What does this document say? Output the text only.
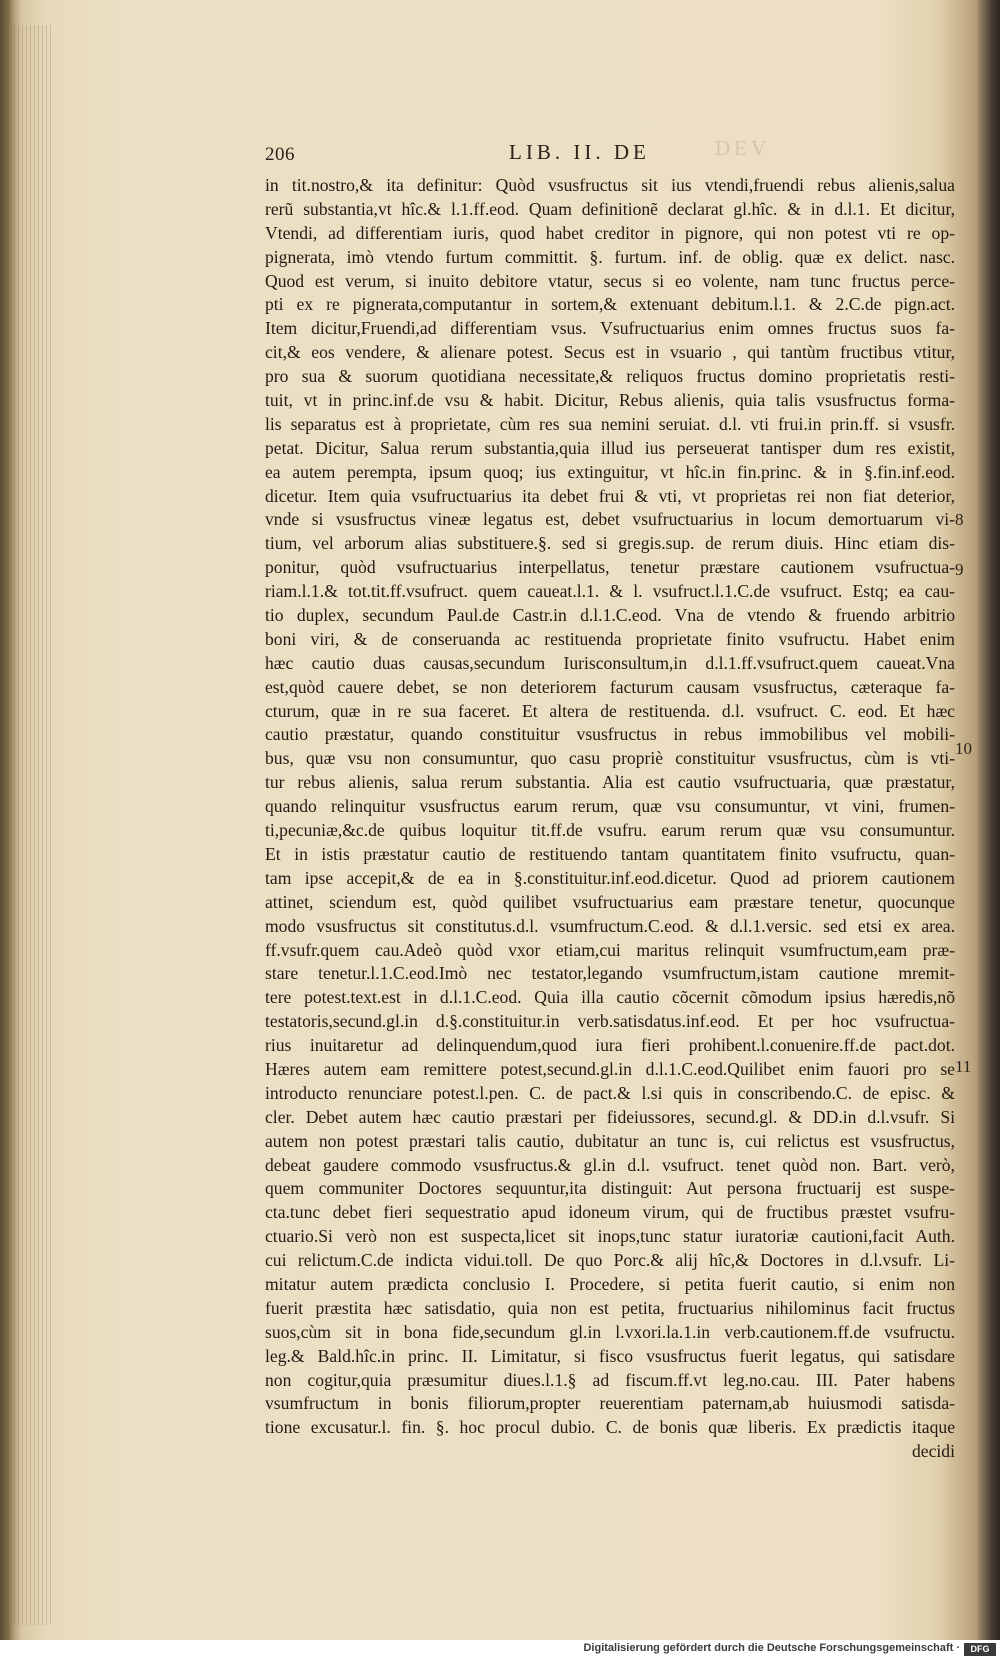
206	LIB. II. DE	DEV
in tit.nostro,& ita definitur: Quòd vsusfructus sit ius vtendi,fruendi rebus alienis,salua
rerũ substantia,vt hîc.& l.1.ff.eod. Quam definitionẽ declarat gl.hîc. & in d.l.1. Et dicitur,
Vtendi, ad differentiam iuris, quod habet creditor in pignore, qui non potest vti re op-
pignerata, imò vtendo furtum committit. §. furtum. inf. de oblig. quæ ex delict. nasc.
Quod est verum, si inuito debitore vtatur, secus si eo volente, nam tunc fructus perce-
pti ex re pignerata,computantur in sortem,& extenuant debitum.l.1. & 2.C.de pign.act.
Item dicitur,Fruendi,ad differentiam vsus. Vsufructuarius enim omnes fructus suos fa-
cit,& eos vendere, & alienare potest. Secus est in vsuario , qui tantùm fructibus vtitur,
pro sua & suorum quotidiana necessitate,& reliquos fructus domino proprietatis resti-
tuit, vt in princ.inf.de vsu & habit. Dicitur, Rebus alienis, quia talis vsusfructus forma-
lis separatus est à proprietate, cùm res sua nemini seruiat. d.l. vti frui.in prin.ff. si vsusfr.
petat. Dicitur, Salua rerum substantia,quia illud ius perseuerat tantisper dum res existit,
ea autem perempta, ipsum quoq; ius extinguitur, vt hîc.in fin.princ. & in §.fin.inf.eod.
dicetur. Item quia vsufructuarius ita debet frui & vti, vt proprietas rei non fiat deterior,
vnde si vsusfructus vineæ legatus est, debet vsufructuarius in locum demortuarum vi-
tium, vel arborum alias substituere.§. sed si gregis.sup. de rerum diuis. Hinc etiam dis-
ponitur, quòd vsufructuarius interpellatus, tenetur præstare cautionem vsufructua-
riam.l.1.& tot.tit.ff.vsufruct. quem caueat.l.1. & l. vsufruct.l.1.C.de vsufruct. Estq; ea cau-
tio duplex, secundum Paul.de Castr.in d.l.1.C.eod. Vna de vtendo & fruendo arbitrio
boni viri, & de conseruanda ac restituenda proprietate finito vsufructu. Habet enim
hæc cautio duas causas,secundum Iurisconsultum,in d.l.1.ff.vsufruct.quem caueat.Vna
est,quòd cauere debet, se non deteriorem facturum causam vsusfructus, cæteraque fa-
cturum, quæ in re sua faceret. Et altera de restituenda. d.l. vsufruct. C. eod. Et hæc
cautio præstatur, quando constituitur vsusfructus in rebus immobilibus vel mobili-
bus, quæ vsu non consumuntur, quo casu propriè constituitur vsusfructus, cùm is vti-
tur rebus alienis, salua rerum substantia. Alia est cautio vsufructuaria, quæ præstatur,
quando relinquitur vsusfructus earum rerum, quæ vsu consumuntur, vt vini, frumen-
ti,pecuniæ,&c.de quibus loquitur tit.ff.de vsufru. earum rerum quæ vsu consumuntur.
Et in istis præstatur cautio de restituendo tantam quantitatem finito vsufructu, quan-
tam ipse accepit,& de ea in §.constituitur.inf.eod.dicetur. Quod ad priorem cautionem
attinet, sciendum est, quòd quilibet vsufructuarius eam præstare tenetur, quocunque
modo vsusfructus sit constitutus.d.l. vsumfructum.C.eod. & d.l.1.versic. sed etsi ex area.
ff.vsufr.quem cau.Adeò quòd vxor etiam,cui maritus relinquit vsumfructum,eam præ-
stare tenetur.l.1.C.eod.Imò nec testator,legando vsumfructum,istam cautione mremit-
tere potest.text.est in d.l.1.C.eod. Quia illa cautio cõcernit cõmodum ipsius hæredis,nõ
testatoris,secund.gl.in d.§.constituitur.in verb.satisdatus.inf.eod. Et per hoc vsufructua-
rius inuitaretur ad delinquendum,quod iura fieri prohibent.l.conuenire.ff.de pact.dot.
Hæres autem eam remittere potest,secund.gl.in d.l.1.C.eod.Quilibet enim fauori pro se
introducto renunciare potest.l.pen. C. de pact.& l.si quis in conscribendo.C. de episc. &
cler. Debet autem hæc cautio præstari per fideiussores, secund.gl. & DD.in d.l.vsufr. Si
autem non potest præstari talis cautio, dubitatur an tunc is, cui relictus est vsusfructus,
debeat gaudere commodo vsusfructus.& gl.in d.l. vsufruct. tenet quòd non. Bart. verò,
quem communiter Doctores sequuntur,ita distinguit: Aut persona fructuarij est suspe-
cta.tunc debet fieri sequestratio apud idoneum virum, qui de fructibus præstet vsufru-
ctuario.Si verò non est suspecta,licet sit inops,tunc statur iuratoriæ cautioni,facit Auth.
cui relictum.C.de indicta vidui.toll. De quo Porc.& alij hîc,& Doctores in d.l.vsufr. Li-
mitatur autem prædicta conclusio I. Procedere, si petita fuerit cautio, si enim non
fuerit præstita hæc satisdatio, quia non est petita, fructuarius nihilominus facit fructus
suos,cùm sit in bona fide,secundum gl.in l.vxori.la.1.in verb.cautionem.ff.de vsufructu.
leg.& Bald.hîc.in princ. II. Limitatur, si fisco vsusfructus fuerit legatus, qui satisdare
non cogitur,quia præsumitur diues.l.1.§ ad fiscum.ff.vt leg.no.cau. III. Pater habens
vsumfructum in bonis filiorum,propter reuerentiam paternam,ab huiusmodi satisda-
tione excusatur.l. fin. §. hoc procul dubio. C. de bonis quæ liberis. Ex prædictis itaque
decidi
8
9
10
11
Digitalisierung gefördert durch die Deutsche Forschungsgemeinschaft ·	DFG
